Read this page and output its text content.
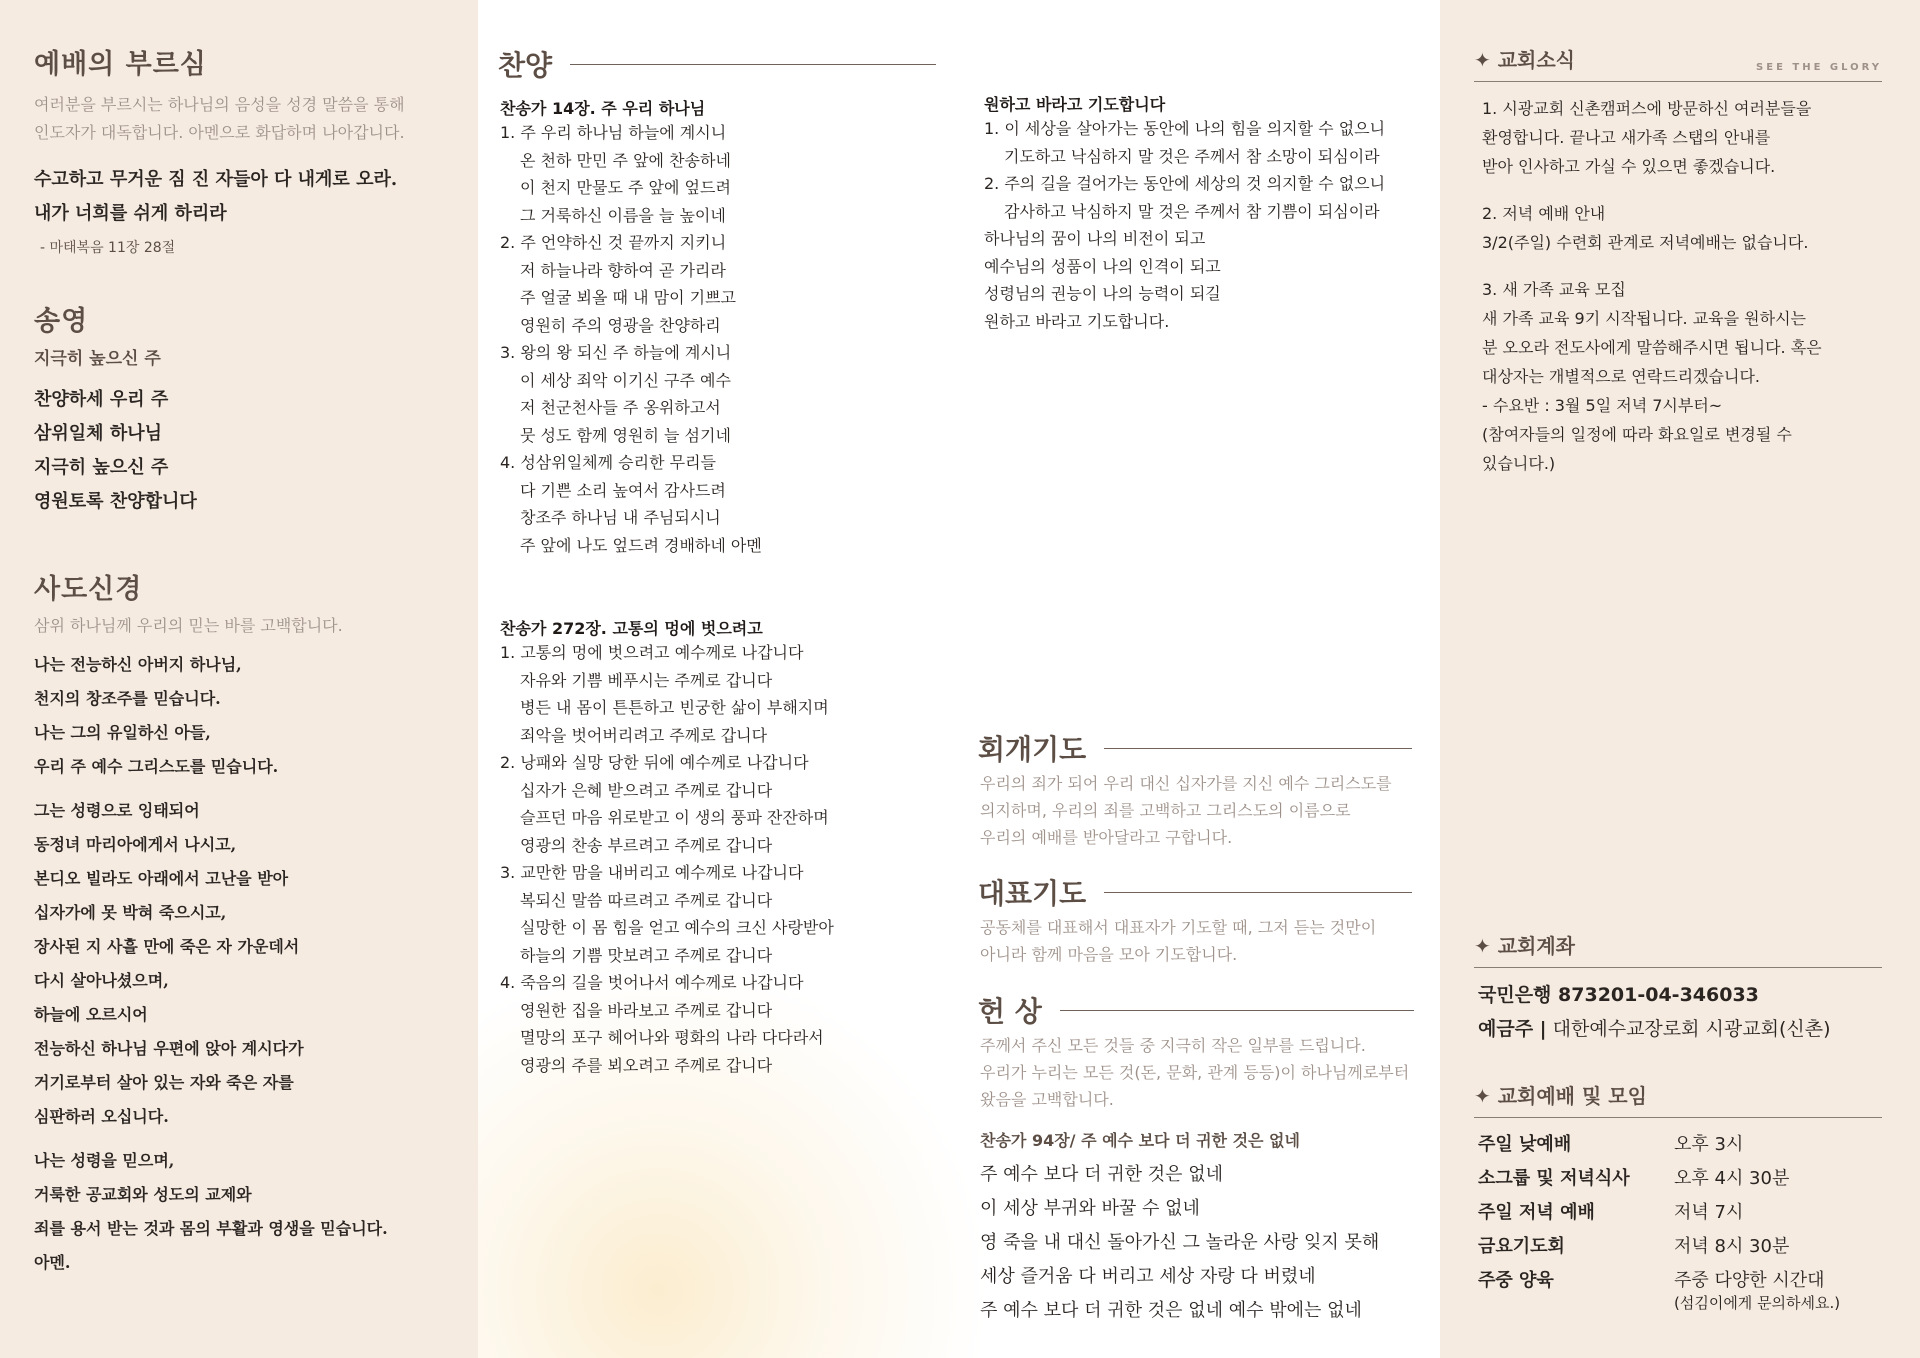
예배의 부르심
여러분을 부르시는 하나님의 음성을 성경 말씀을 통해
인도자가 대독합니다. 아멘으로 화답하며 나아갑니다.
수고하고 무거운 짐 진 자들아 다 내게로 오라.
내가 너희를 쉬게 하리라
- 마태복음 11장 28절
송영
지극히 높으신 주
찬양하세 우리 주
삼위일체 하나님
지극히 높으신 주
영원토록 찬양합니다
사도신경
삼위 하나님께 우리의 믿는 바를 고백합니다.
나는 전능하신 아버지 하나님,
천지의 창조주를 믿습니다.
나는 그의 유일하신 아들,
우리 주 예수 그리스도를 믿습니다.
그는 성령으로 잉태되어
동정녀 마리아에게서 나시고,
본디오 빌라도 아래에서 고난을 받아
십자가에 못 박혀 죽으시고,
장사된 지 사흘 만에 죽은 자 가운데서
다시 살아나셨으며,
하늘에 오르시어
전능하신 하나님 우편에 앉아 계시다가
거기로부터 살아 있는 자와 죽은 자를
심판하러 오십니다.
나는 성령을 믿으며,
거룩한 공교회와 성도의 교제와
죄를 용서 받는 것과 몸의 부활과 영생을 믿습니다.
아멘.
찬양
찬송가 14장. 주 우리 하나님
1. 주 우리 하나님 하늘에 계시니
온 천하 만민 주 앞에 찬송하네
이 천지 만물도 주 앞에 엎드려
그 거룩하신 이름을 늘 높이네
2. 주 언약하신 것 끝까지 지키니
저 하늘나라 향하여 곧 가리라
주 얼굴 뵈올 때 내 맘이 기쁘고
영원히 주의 영광을 찬양하리
3. 왕의 왕 되신 주 하늘에 계시니
이 세상 죄악 이기신 구주 예수
저 천군천사들 주 옹위하고서
뭇 성도 함께 영원히 늘 섬기네
4. 성삼위일체께 승리한 무리들
다 기쁜 소리 높여서 감사드려
창조주 하나님 내 주님되시니
주 앞에 나도 엎드려 경배하네 아멘
찬송가 272장. 고통의 멍에 벗으려고
1. 고통의 멍에 벗으려고 예수께로 나갑니다
자유와 기쁨 베푸시는 주께로 갑니다
병든 내 몸이 튼튼하고 빈궁한 삶이 부해지며
죄악을 벗어버리려고 주께로 갑니다
2. 낭패와 실망 당한 뒤에 예수께로 나갑니다
십자가 은혜 받으려고 주께로 갑니다
슬프던 마음 위로받고 이 생의 풍파 잔잔하며
영광의 찬송 부르려고 주께로 갑니다
3. 교만한 맘을 내버리고 예수께로 나갑니다
복되신 말씀 따르려고 주께로 갑니다
실망한 이 몸 힘을 얻고 예수의 크신 사랑받아
하늘의 기쁨 맛보려고 주께로 갑니다
4. 죽음의 길을 벗어나서 예수께로 나갑니다
영원한 집을 바라보고 주께로 갑니다
멸망의 포구 헤어나와 평화의 나라 다다라서
영광의 주를 뵈오려고 주께로 갑니다
원하고 바라고 기도합니다
1. 이 세상을 살아가는 동안에 나의 힘을 의지할 수 없으니
기도하고 낙심하지 말 것은 주께서 참 소망이 되심이라
2. 주의 길을 걸어가는 동안에 세상의 것 의지할 수 없으니
감사하고 낙심하지 말 것은 주께서 참 기쁨이 되심이라
하나님의 꿈이 나의 비전이 되고
예수님의 성품이 나의 인격이 되고
성령님의 권능이 나의 능력이 되길
원하고 바라고 기도합니다.
회개기도
우리의 죄가 되어 우리 대신 십자가를 지신 예수 그리스도를
의지하며, 우리의 죄를 고백하고 그리스도의 이름으로
우리의 예배를 받아달라고 구합니다.
대표기도
공동체를 대표해서 대표자가 기도할 때, 그저 듣는 것만이
아니라 함께 마음을 모아 기도합니다.
헌 상
주께서 주신 모든 것들 중 지극히 작은 일부를 드립니다.
우리가 누리는 모든 것(돈, 문화, 관계 등등)이 하나님께로부터
왔음을 고백합니다.
찬송가 94장/ 주 예수 보다 더 귀한 것은 없네
주 예수 보다 더 귀한 것은 없네
이 세상 부귀와 바꿀 수 없네
영 죽을 내 대신 돌아가신 그 놀라운 사랑 잊지 못해
세상 즐거움 다 버리고 세상 자랑 다 버렸네
주 예수 보다 더 귀한 것은 없네 예수 밖에는 없네
✦ 교회소식	SEE THE GLORY

1. 시광교회 신촌캠퍼스에 방문하신 여러분들을
환영합니다. 끝나고 새가족 스탭의 안내를
받아 인사하고 가실 수 있으면 좋겠습니다.

2. 저녁 예배 안내
3/2(주일) 수련회 관계로 저녁예배는 없습니다.

3. 새 가족 교육 모집
새 가족 교육 9기 시작됩니다. 교육을 원하시는
분 오오라 전도사에게 말씀해주시면 됩니다. 혹은
대상자는 개별적으로 연락드리겠습니다.
- 수요반 : 3월 5일 저녁 7시부터~
(참여자들의 일정에 따라 화요일로 변경될 수
있습니다.)

✦ 교회계좌
국민은행 873201-04-346033
예금주 | 대한예수교장로회 시광교회(신촌)
✦ 교회예배 및 모임
주일 낮예배	오후 3시
소그룹 및 저녁식사	오후 4시 30분
주일 저녁 예배	저녁 7시
금요기도회	저녁 8시 30분
주중 양육	주중 다양한 시간대
(섬김이에게 문의하세요.)
